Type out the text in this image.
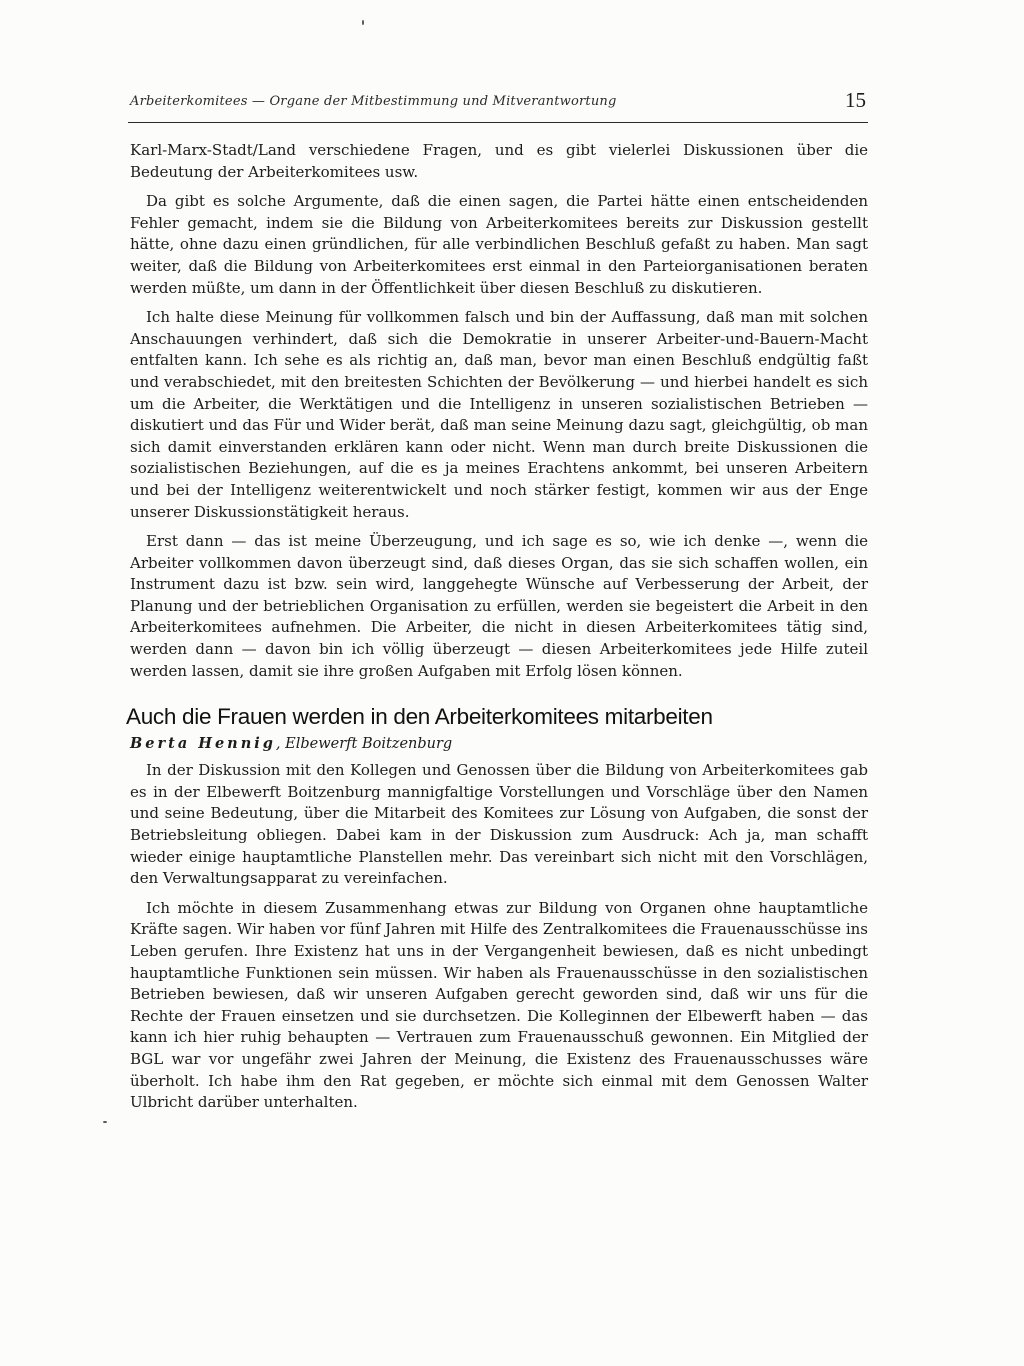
Arbeiterkomitees — Organe der Mitbestimmung und Mitverantwortung	15

Karl-Marx-Stadt/Land verschiedene Fragen, und es gibt vielerlei Diskussionen über die Bedeutung der Arbeiterkomitees usw.

Da gibt es solche Argumente, daß die einen sagen, die Partei hätte einen entscheidenden Fehler gemacht, indem sie die Bildung von Arbeiterkomitees bereits zur Diskussion gestellt hätte, ohne dazu einen gründlichen, für alle verbindlichen Beschluß gefaßt zu haben. Man sagt weiter, daß die Bildung von Arbeiterkomitees erst einmal in den Parteiorganisationen beraten werden müßte, um dann in der Öffentlichkeit über diesen Beschluß zu diskutieren.

Ich halte diese Meinung für vollkommen falsch und bin der Auffassung, daß man mit solchen Anschauungen verhindert, daß sich die Demokratie in unserer Arbeiter-und-Bauern-Macht entfalten kann. Ich sehe es als richtig an, daß man, bevor man einen Beschluß endgültig faßt und verabschiedet, mit den breitesten Schichten der Bevölkerung — und hierbei handelt es sich um die Arbeiter, die Werktätigen und die Intelligenz in unseren sozialistischen Betrieben — diskutiert und das Für und Wider berät, daß man seine Meinung dazu sagt, gleichgültig, ob man sich damit einverstanden erklären kann oder nicht. Wenn man durch breite Diskussionen die sozialistischen Beziehungen, auf die es ja meines Erachtens ankommt, bei unseren Arbeitern und bei der Intelligenz weiterentwickelt und noch stärker festigt, kommen wir aus der Enge unserer Diskussionstätigkeit heraus.

Erst dann — das ist meine Überzeugung, und ich sage es so, wie ich denke —, wenn die Arbeiter vollkommen davon überzeugt sind, daß dieses Organ, das sie sich schaffen wollen, ein Instrument dazu ist bzw. sein wird, langgehegte Wünsche auf Verbesserung der Arbeit, der Planung und der betrieblichen Organisation zu erfüllen, werden sie begeistert die Arbeit in den Arbeiterkomitees aufnehmen. Die Arbeiter, die nicht in diesen Arbeiterkomitees tätig sind, werden dann — davon bin ich völlig überzeugt — diesen Arbeiterkomitees jede Hilfe zuteil werden lassen, damit sie ihre großen Aufgaben mit Erfolg lösen können.

Auch die Frauen werden in den Arbeiterkomitees mitarbeiten
Berta Hennig, Elbewerft Boitzenburg

In der Diskussion mit den Kollegen und Genossen über die Bildung von Arbeiterkomitees gab es in der Elbewerft Boitzenburg mannigfaltige Vorstellungen und Vorschläge über den Namen und seine Bedeutung, über die Mitarbeit des Komitees zur Lösung von Aufgaben, die sonst der Betriebsleitung obliegen. Dabei kam in der Diskussion zum Ausdruck: Ach ja, man schafft wieder einige hauptamtliche Planstellen mehr. Das vereinbart sich nicht mit den Vorschlägen, den Verwaltungsapparat zu vereinfachen.

Ich möchte in diesem Zusammenhang etwas zur Bildung von Organen ohne hauptamtliche Kräfte sagen. Wir haben vor fünf Jahren mit Hilfe des Zentralkomitees die Frauenausschüsse ins Leben gerufen. Ihre Existenz hat uns in der Vergangenheit bewiesen, daß es nicht unbedingt hauptamtliche Funktionen sein müssen. Wir haben als Frauenausschüsse in den sozialistischen Betrieben bewiesen, daß wir unseren Aufgaben gerecht geworden sind, daß wir uns für die Rechte der Frauen einsetzen und sie durchsetzen. Die Kolleginnen der Elbewerft haben — das kann ich hier ruhig behaupten — Vertrauen zum Frauenausschuß gewonnen. Ein Mitglied der BGL war vor ungefähr zwei Jahren der Meinung, die Existenz des Frauenausschusses wäre überholt. Ich habe ihm den Rat gegeben, er möchte sich einmal mit dem Genossen Walter Ulbricht darüber unterhalten.
